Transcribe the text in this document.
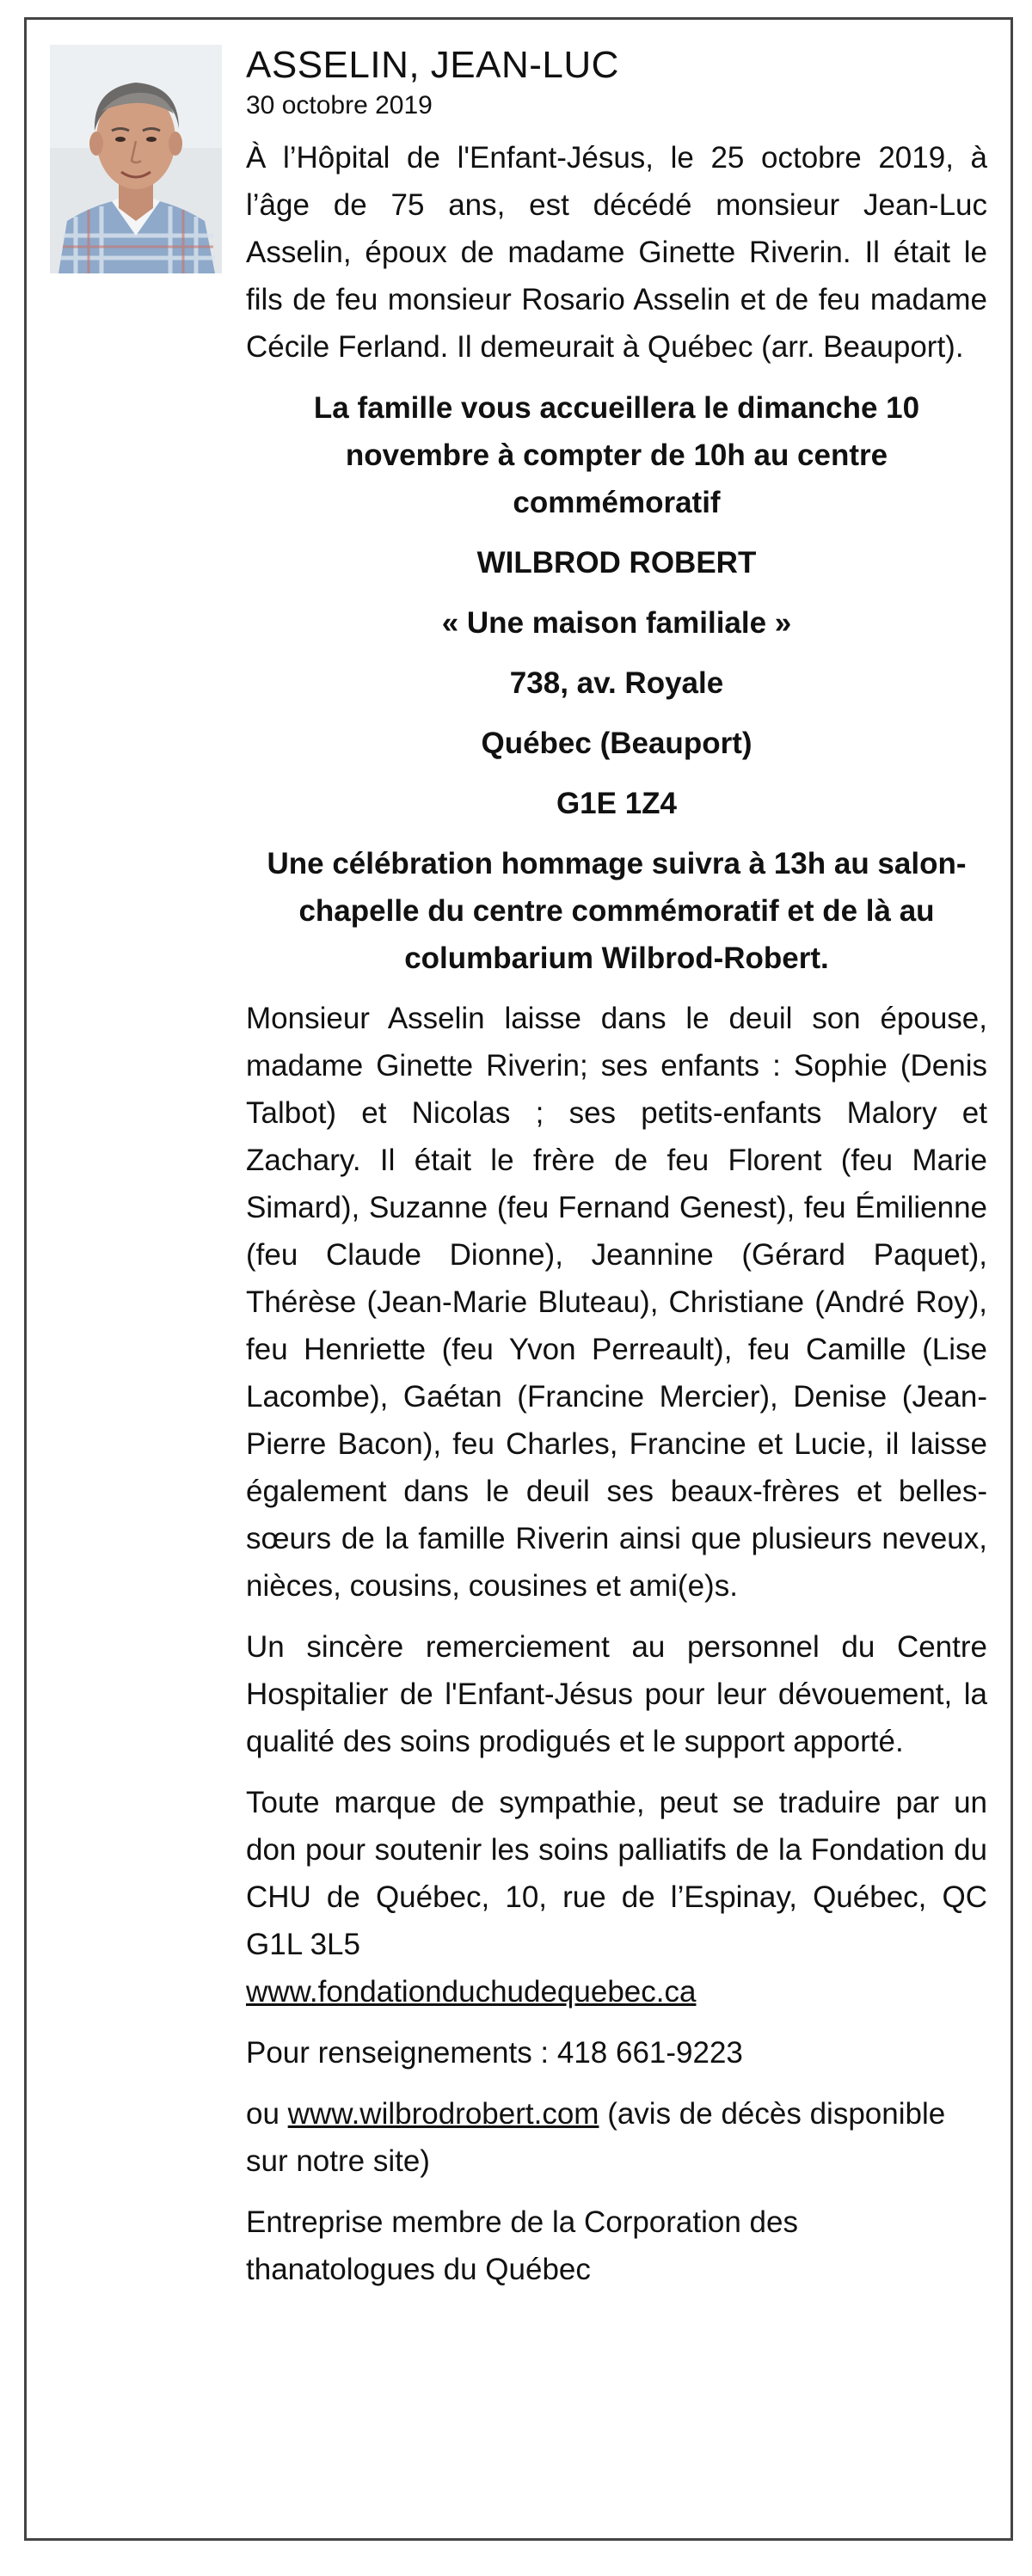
ASSELIN, JEAN-LUC

30 octobre 2019

À l’Hôpital de l'Enfant-Jésus, le 25 octobre 2019, à l’âge de 75 ans, est décédé monsieur Jean-Luc Asselin, époux de madame Ginette Riverin. Il était le fils de feu monsieur Rosario Asselin et de feu madame Cécile Ferland. Il demeurait à Québec (arr. Beauport).

La famille vous accueillera le dimanche 10 novembre à compter de 10h au centre commémoratif

WILBROD ROBERT

« Une maison familiale »

738, av. Royale

Québec (Beauport)

G1E 1Z4

Une célébration hommage suivra à 13h au salon-chapelle du centre commémoratif et de là au columbarium Wilbrod-Robert.

Monsieur Asselin laisse dans le deuil son épouse, madame Ginette Riverin; ses enfants : Sophie (Denis Talbot) et Nicolas ; ses petits-enfants Malory et Zachary. Il était le frère de feu Florent (feu Marie Simard), Suzanne (feu Fernand Genest), feu Émilienne (feu Claude Dionne), Jeannine (Gérard Paquet), Thérèse (Jean-Marie Bluteau), Christiane (André Roy), feu Henriette (feu Yvon Perreault), feu Camille (Lise Lacombe), Gaétan (Francine Mercier), Denise (Jean-Pierre Bacon), feu Charles, Francine et Lucie, il laisse également dans le deuil ses beaux-frères et belles-sœurs de la famille Riverin ainsi que plusieurs neveux, nièces, cousins, cousines et ami(e)s.

Un sincère remerciement au personnel du Centre Hospitalier de l'Enfant-Jésus pour leur dévouement, la qualité des soins prodigués et le support apporté.

Toute marque de sympathie, peut se traduire par un don pour soutenir les soins palliatifs de la Fondation du CHU de Québec, 10, rue de l’Espinay, Québec, QC G1L 3L5
www.fondationduchudequebec.ca

Pour renseignements : 418 661-9223

ou www.wilbrodrobert.com (avis de décès disponible sur notre site)

Entreprise membre de la Corporation des thanatologues du Québec
